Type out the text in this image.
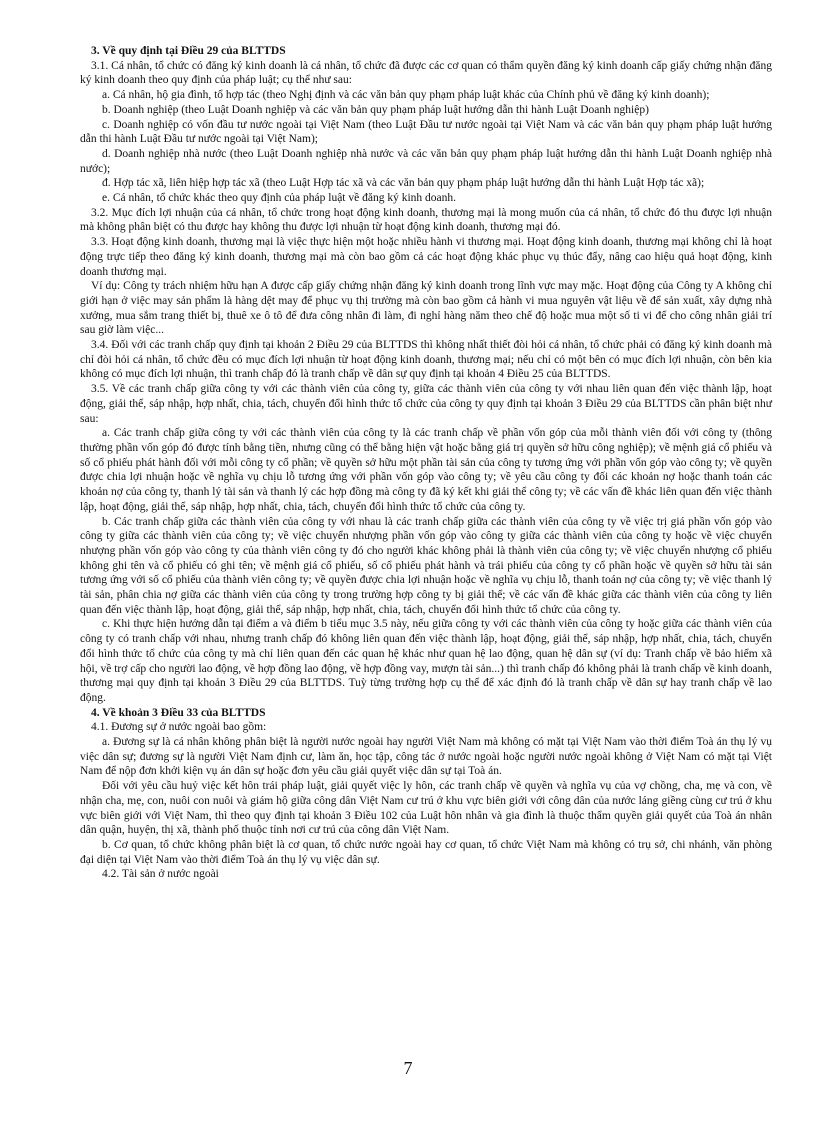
3. Về quy định tại Điều 29 của BLTTDS

3.1. Cá nhân, tổ chức có đăng ký kinh doanh là cá nhân, tổ chức đã được các cơ quan có thẩm quyền đăng ký kinh doanh cấp giấy chứng nhận đăng ký kinh doanh theo quy định của pháp luật; cụ thể như sau:

a. Cá nhân, hộ gia đình, tổ hợp tác (theo Nghị định và các văn bản quy phạm pháp luật khác của Chính phủ về đăng ký kinh doanh);

b. Doanh nghiệp (theo Luật Doanh nghiệp và các văn bản quy phạm pháp luật hướng dẫn thi hành Luật Doanh nghiệp)

c. Doanh nghiệp có vốn đầu tư nước ngoài tại Việt Nam (theo Luật Đầu tư nước ngoài tại Việt Nam và các văn bản quy phạm pháp luật hướng dẫn thi hành Luật Đầu tư nước ngoài tại Việt Nam);

d. Doanh nghiệp nhà nước (theo Luật Doanh nghiệp nhà nước và các văn bản quy phạm pháp luật hướng dẫn thi hành Luật Doanh nghiệp nhà nước);

đ. Hợp tác xã, liên hiệp hợp tác xã (theo Luật Hợp tác xã và các văn bản quy phạm pháp luật hướng dẫn thi hành Luật Hợp tác xã);

e. Cá nhân, tổ chức khác theo quy định của pháp luật về đăng ký kinh doanh.

3.2. Mục đích lợi nhuận của cá nhân, tổ chức trong hoạt động kinh doanh, thương mại là mong muốn của cá nhân, tổ chức đó thu được lợi nhuận mà không phân biệt có thu được hay không thu được lợi nhuận từ hoạt động kinh doanh, thương mại đó.

3.3. Hoạt động kinh doanh, thương mại là việc thực hiện một hoặc nhiều hành vi thương mại. Hoạt động kinh doanh, thương mại không chỉ là hoạt động trực tiếp theo đăng ký kinh doanh, thương mại mà còn bao gồm cả các hoạt động khác phục vụ thúc đẩy, nâng cao hiệu quả hoạt động, kinh doanh thương mại.

Ví dụ: Công ty trách nhiệm hữu hạn A được cấp giấy chứng nhận đăng ký kinh doanh trong lĩnh vực may mặc. Hoạt động của Công ty A không chỉ giới hạn ở việc may sản phẩm là hàng dệt may để phục vụ thị trường mà còn bao gồm cả hành vi mua nguyên vật liệu về để sản xuất, xây dựng nhà xưởng, mua sắm trang thiết bị, thuê xe ô tô để đưa công nhân đi làm, đi nghỉ hàng năm theo chế độ hoặc mua một số ti vi để cho công nhân giải trí sau giờ làm việc...

3.4. Đối với các tranh chấp quy định tại khoản 2 Điều 29 của BLTTDS thì không nhất thiết đòi hỏi cá nhân, tổ chức phải có đăng ký kinh doanh mà chỉ đòi hỏi cá nhân, tổ chức đều có mục đích lợi nhuận từ hoạt động kinh doanh, thương mại; nếu chỉ có một bên có mục đích lợi nhuận, còn bên kia không có mục đích lợi nhuận, thì tranh chấp đó là tranh chấp về dân sự quy định tại khoản 4 Điều 25 của BLTTDS.

3.5. Về các tranh chấp giữa công ty với các thành viên của công ty, giữa các thành viên của công ty với nhau liên quan đến việc thành lập, hoạt động, giải thể, sáp nhập, hợp nhất, chia, tách, chuyển đổi hình thức tổ chức của công ty quy định tại khoản 3 Điều 29 của BLTTDS cần phân biệt như sau:

a. Các tranh chấp giữa công ty với các thành viên của công ty là các tranh chấp về phần vốn góp của mỗi thành viên đối với công ty (thông thường phần vốn góp đó được tính bằng tiền, nhưng cũng có thể bằng hiện vật hoặc bằng giá trị quyền sở hữu công nghiệp); về mệnh giá cổ phiếu và số cổ phiếu phát hành đối với mỗi công ty cổ phần; về quyền sở hữu một phần tài sản của công ty tương ứng với phần vốn góp vào công ty; về quyền được chia lợi nhuận hoặc về nghĩa vụ chịu lỗ tương ứng với phần vốn góp vào công ty; về yêu cầu công ty đối các khoản nợ hoặc thanh toán các khoản nợ của công ty, thanh lý tài sản và thanh lý các hợp đồng mà công ty đã ký kết khi giải thể công ty; về các vấn đề khác liên quan đến việc thành lập, hoạt động, giải thể, sáp nhập, hợp nhất, chia, tách, chuyển đổi hình thức tổ chức của công ty.

b. Các tranh chấp giữa các thành viên của công ty với nhau là các tranh chấp giữa các thành viên của công ty về việc trị giá phần vốn góp vào công ty giữa các thành viên của công ty; về việc chuyển nhượng phần vốn góp vào công ty giữa các thành viên của công ty hoặc về việc chuyển nhượng phần vốn góp vào công ty của thành viên công ty đó cho người khác không phải là thành viên của công ty; về việc chuyển nhượng cổ phiếu không ghi tên và cổ phiếu có ghi tên; về mệnh giá cổ phiếu, số cổ phiếu phát hành và trái phiếu của công ty cổ phần hoặc về quyền sở hữu tài sản tương ứng với số cổ phiếu của thành viên công ty; về quyền được chia lợi nhuận hoặc về nghĩa vụ chịu lỗ, thanh toán nợ của công ty; về việc thanh lý tài sản, phân chia nợ giữa các thành viên của công ty trong trường hợp công ty bị giải thể; về các vấn đề khác giữa các thành viên của công ty liên quan đến việc thành lập, hoạt động, giải thể, sáp nhập, hợp nhất, chia, tách, chuyển đổi hình thức tổ chức của công ty.

c. Khi thực hiện hướng dẫn tại điểm a và điểm b tiểu mục 3.5 này, nếu giữa công ty với các thành viên của công ty hoặc giữa các thành viên của công ty có tranh chấp với nhau, nhưng tranh chấp đó không liên quan đến việc thành lập, hoạt động, giải thể, sáp nhập, hợp nhất, chia, tách, chuyển đổi hình thức tổ chức của công ty mà chỉ liên quan đến các quan hệ khác như quan hệ lao động, quan hệ dân sự (ví dụ: Tranh chấp về bảo hiểm xã hội, về trợ cấp cho người lao động, về hợp đồng lao động, về hợp đồng vay, mượn tài sản...) thì tranh chấp đó không phải là tranh chấp về kinh doanh, thương mại quy định tại khoản 3 Điều 29 của BLTTDS. Tuỳ từng trường hợp cụ thể để xác định đó là tranh chấp về dân sự hay tranh chấp về lao động.

4. Về khoản 3 Điều 33 của BLTTDS

4.1. Đương sự ở nước ngoài bao gồm:

a. Đương sự là cá nhân không phân biệt là người nước ngoài hay người Việt Nam mà không có mặt tại Việt Nam vào thời điểm Toà án thụ lý vụ việc dân sự; đương sự là người Việt Nam định cư, làm ăn, học tập, công tác ở nước ngoài hoặc người nước ngoài không ở Việt Nam có mặt tại Việt Nam để nộp đơn khởi kiện vụ án dân sự hoặc đơn yêu cầu giải quyết việc dân sự tại Toà án.

Đối với yêu cầu huỷ việc kết hôn trái pháp luật, giải quyết việc ly hôn, các tranh chấp về quyền và nghĩa vụ của vợ chồng, cha, mẹ và con, về nhận cha, mẹ, con, nuôi con nuôi và giám hộ giữa công dân Việt Nam cư trú ở khu vực biên giới với công dân của nước láng giềng cùng cư trú ở khu vực biên giới với Việt Nam, thì theo quy định tại khoản 3 Điều 102 của Luật hôn nhân và gia đình là thuộc thẩm quyền giải quyết của Toà án nhân dân quận, huyện, thị xã, thành phố thuộc tỉnh nơi cư trú của công dân Việt Nam.

b. Cơ quan, tổ chức không phân biệt là cơ quan, tổ chức nước ngoài hay cơ quan, tổ chức Việt Nam mà không có trụ sở, chi nhánh, văn phòng đại diện tại Việt Nam vào thời điểm Toà án thụ lý vụ việc dân sự.

4.2. Tài sản ở nước ngoài

7
